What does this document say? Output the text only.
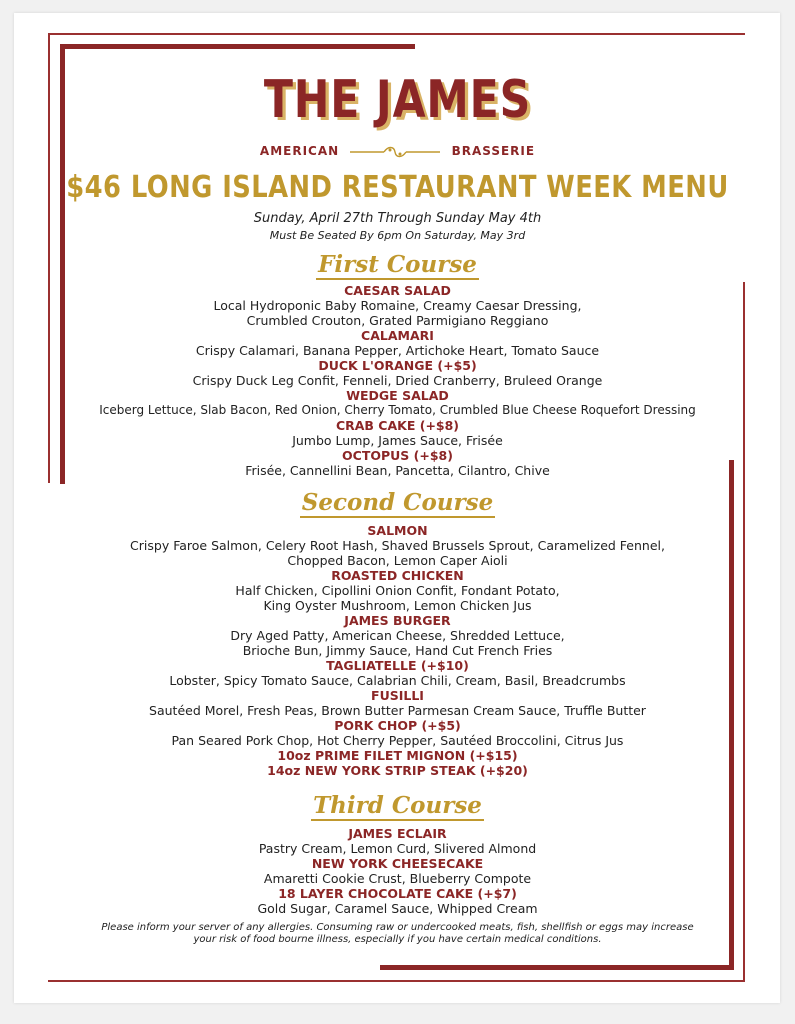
THE JAMES
AMERICAN	BRASSERIE
$46 LONG ISLAND RESTAURANT WEEK MENU
Sunday, April 27th Through Sunday May 4th
Must Be Seated By 6pm On Saturday, May 3rd
First Course
CAESAR SALAD
Local Hydroponic Baby Romaine, Creamy Caesar Dressing,
Crumbled Crouton, Grated Parmigiano Reggiano
CALAMARI
Crispy Calamari, Banana Pepper, Artichoke Heart, Tomato Sauce
DUCK L'ORANGE (+$5)
Crispy Duck Leg Confit, Fenneli, Dried Cranberry, Bruleed Orange
WEDGE SALAD
Iceberg Lettuce, Slab Bacon, Red Onion, Cherry Tomato, Crumbled Blue Cheese Roquefort Dressing
CRAB CAKE (+$8)
Jumbo Lump, James Sauce, Frisée
OCTOPUS (+$8)
Frisée, Cannellini Bean, Pancetta, Cilantro, Chive
Second Course
SALMON
Crispy Faroe Salmon, Celery Root Hash, Shaved Brussels Sprout, Caramelized Fennel,
Chopped Bacon, Lemon Caper Aioli
ROASTED CHICKEN
Half Chicken, Cipollini Onion Confit, Fondant Potato,
King Oyster Mushroom, Lemon Chicken Jus
JAMES BURGER
Dry Aged Patty, American Cheese, Shredded Lettuce,
Brioche Bun, Jimmy Sauce, Hand Cut French Fries
TAGLIATELLE (+$10)
Lobster, Spicy Tomato Sauce, Calabrian Chili, Cream, Basil, Breadcrumbs
FUSILLI
Sautéed Morel, Fresh Peas, Brown Butter Parmesan Cream Sauce, Truffle Butter
PORK CHOP (+$5)
Pan Seared Pork Chop, Hot Cherry Pepper, Sautéed Broccolini, Citrus Jus
10oz PRIME FILET MIGNON (+$15)
14oz NEW YORK STRIP STEAK (+$20)
Third Course
JAMES ECLAIR
Pastry Cream, Lemon Curd, Slivered Almond
NEW YORK CHEESECAKE
Amaretti Cookie Crust, Blueberry Compote
18 LAYER CHOCOLATE CAKE (+$7)
Gold Sugar, Caramel Sauce, Whipped Cream
Please inform your server of any allergies. Consuming raw or undercooked meats, fish, shellfish or eggs may increase
your risk of food bourne illness, especially if you have certain medical conditions.
